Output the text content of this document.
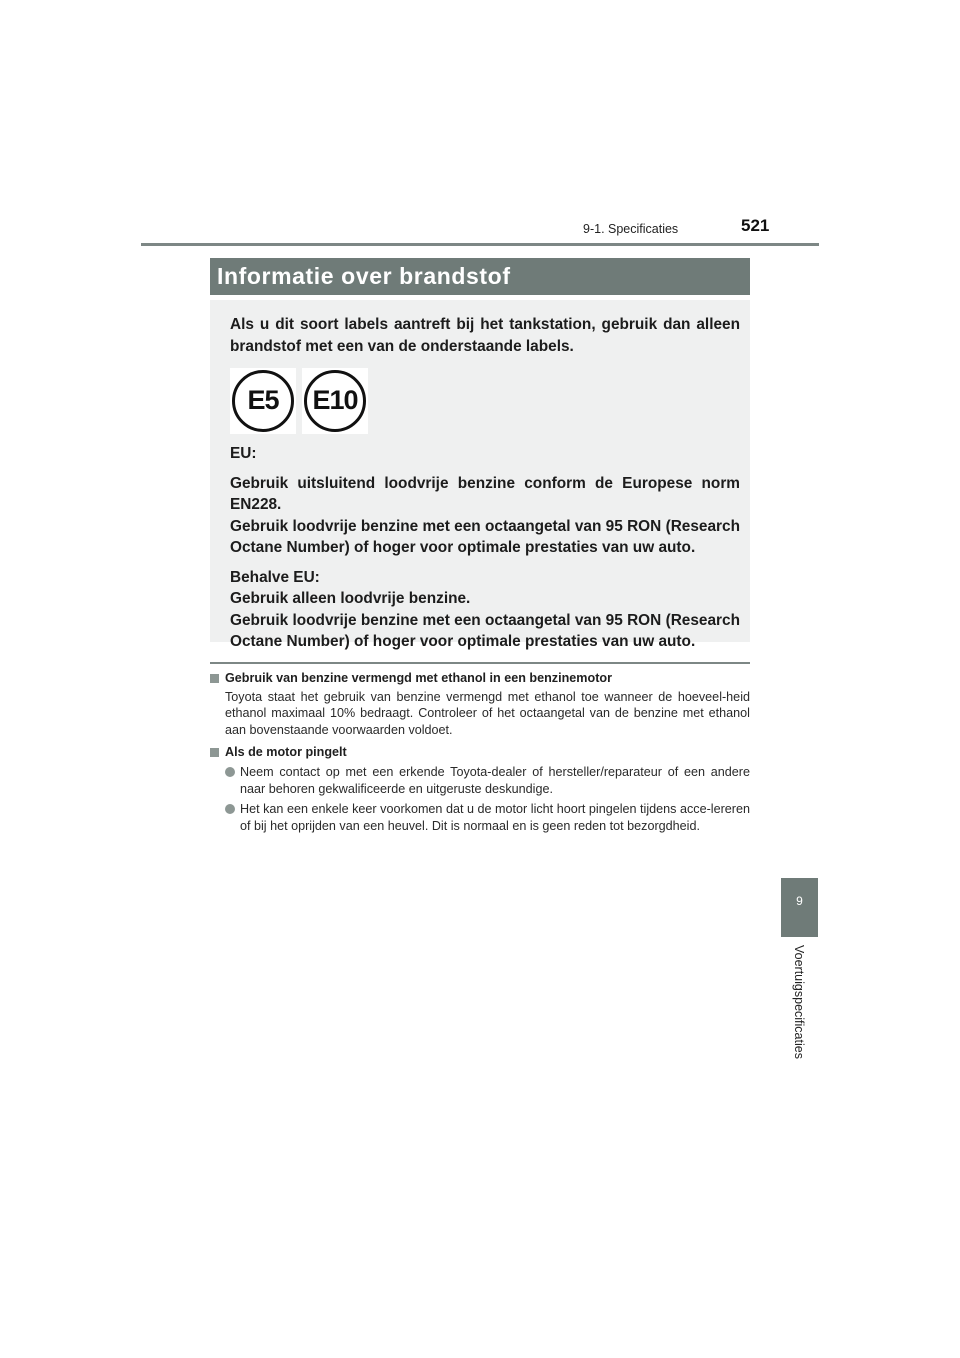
9-1. Specificaties	521
Informatie over brandstof

Als u dit soort labels aantreft bij het tankstation, gebruik dan alleen brandstof met een van de onderstaande labels.

E5	E10

EU:

Gebruik uitsluitend loodvrije benzine conform de Europese norm EN228.

Gebruik loodvrije benzine met een octaangetal van 95 RON (Research Octane Number) of hoger voor optimale prestaties van uw auto.

Behalve EU:

Gebruik alleen loodvrije benzine.

Gebruik loodvrije benzine met een octaangetal van 95 RON (Research Octane Number) of hoger voor optimale prestaties van uw auto.

Gebruik van benzine vermengd met ethanol in een benzinemotor

Toyota staat het gebruik van benzine vermengd met ethanol toe wanneer de hoeveel-heid ethanol maximaal 10% bedraagt. Controleer of het octaangetal van de benzine met ethanol aan bovenstaande voorwaarden voldoet.

Als de motor pingelt

Neem contact op met een erkende Toyota-dealer of hersteller/reparateur of een andere naar behoren gekwalificeerde en uitgeruste deskundige.

Het kan een enkele keer voorkomen dat u de motor licht hoort pingelen tijdens acce-lereren of bij het oprijden van een heuvel. Dit is normaal en is geen reden tot bezorgdheid.

9
Voertuigspecificaties
